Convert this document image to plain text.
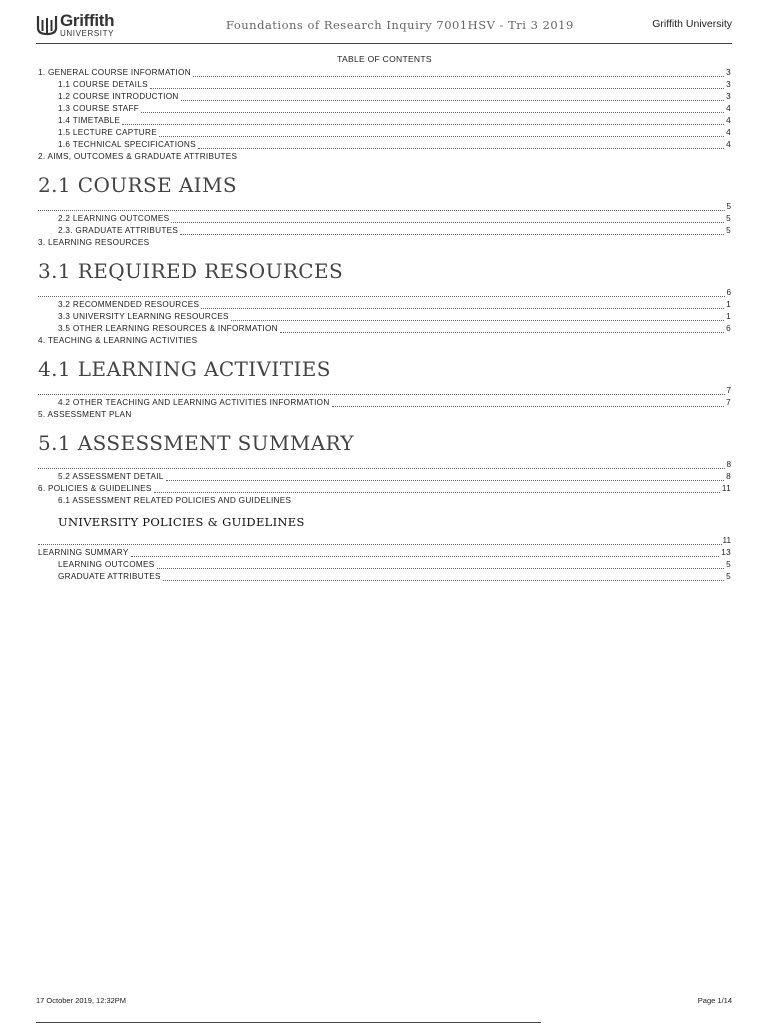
Griffith
UNIVERSITY
Foundations of Research Inquiry 7001HSV - Tri 3 2019	Griffith University
TABLE OF CONTENTS
1. GENERAL COURSE INFORMATION	3
1.1 COURSE DETAILS	3
1.2 COURSE INTRODUCTION	3
1.3 COURSE STAFF	4
1.4 TIMETABLE	4
1.5 LECTURE CAPTURE	4
1.6 TECHNICAL SPECIFICATIONS	4
2. AIMS, OUTCOMES & GRADUATE ATTRIBUTES
2.1 COURSE AIMS
5
2.2 LEARNING OUTCOMES	5
2.3. GRADUATE ATTRIBUTES	5
3. LEARNING RESOURCES
3.1 REQUIRED RESOURCES
6
3.2 RECOMMENDED RESOURCES	1
3.3 UNIVERSITY LEARNING RESOURCES	1
3.5 OTHER LEARNING RESOURCES & INFORMATION	6
4. TEACHING & LEARNING ACTIVITIES
4.1 LEARNING ACTIVITIES
7
4.2 OTHER TEACHING AND LEARNING ACTIVITIES INFORMATION	7
5. ASSESSMENT PLAN
5.1 ASSESSMENT SUMMARY
8
5.2 ASSESSMENT DETAIL	8
6. POLICIES & GUIDELINES	11
6.1 ASSESSMENT RELATED POLICIES AND GUIDELINES
UNIVERSITY POLICIES & GUIDELINES
11
LEARNING SUMMARY	13
LEARNING OUTCOMES	5
GRADUATE ATTRIBUTES	5
17 October 2019, 12:32PM	Page 1/14
